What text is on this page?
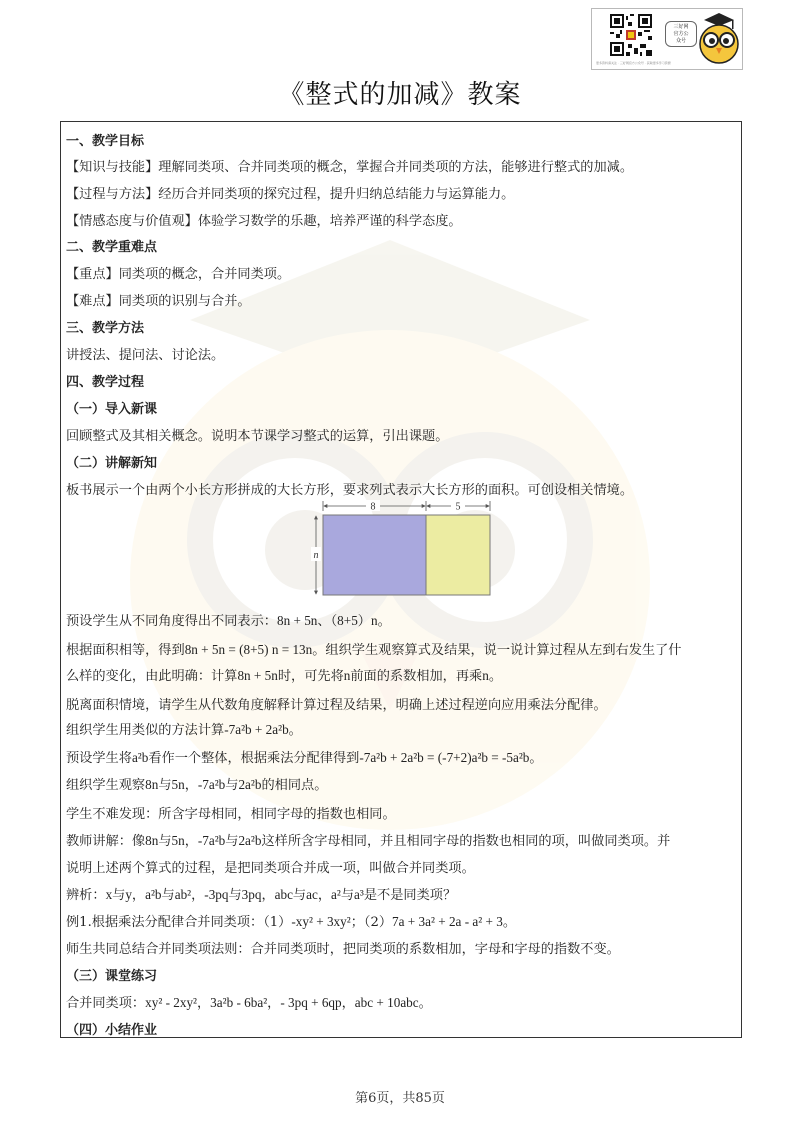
三好网
官方公
众号
更多资料请关注 · 三好网官方公众号 · 获取更多学习资源
《整式的加减》教案
一、教学目标
【知识与技能】理解同类项、合并同类项的概念，掌握合并同类项的方法，能够进行整式的加减。
【过程与方法】经历合并同类项的探究过程，提升归纳总结能力与运算能力。
【情感态度与价值观】体验学习数学的乐趣，培养严谨的科学态度。
二、教学重难点
【重点】同类项的概念，合并同类项。
【难点】同类项的识别与合并。
三、教学方法
讲授法、提问法、讨论法。
四、教学过程
（一）导入新课
回顾整式及其相关概念。说明本节课学习整式的运算，引出课题。
（二）讲解新知
板书展示一个由两个小长方形拼成的大长方形，要求列式表示大长方形的面积。可创设相关情境。
8	5
n
预设学生从不同角度得出不同表示：8n + 5n、（8+5）n。
根据面积相等，得到8n + 5n = (8+5) n = 13n。组织学生观察算式及结果，说一说计算过程从左到右发生了什
么样的变化，由此明确：计算8n + 5n时，可先将n前面的系数相加，再乘n。
脱离面积情境，请学生从代数角度解释计算过程及结果，明确上述过程逆向应用乘法分配律。
组织学生用类似的方法计算-7a²b + 2a²b。
预设学生将a²b看作一个整体，根据乘法分配律得到-7a²b + 2a²b = (-7+2)a²b = -5a²b。
组织学生观察8n与5n，-7a²b与2a²b的相同点。
学生不难发现：所含字母相同，相同字母的指数也相同。
教师讲解：像8n与5n，-7a²b与2a²b这样所含字母相同，并且相同字母的指数也相同的项，叫做同类项。并
说明上述两个算式的过程，是把同类项合并成一项，叫做合并同类项。
辨析：x与y，a²b与ab²，-3pq与3pq，abc与ac，a²与a³是不是同类项？
例1.根据乘法分配律合并同类项：（1）-xy² + 3xy²；（2）7a + 3a² + 2a - a² + 3。
师生共同总结合并同类项法则：合并同类项时，把同类项的系数相加，字母和字母的指数不变。
（三）课堂练习
合并同类项：xy² - 2xy²，3a²b - 6ba²，- 3pq + 6qp，abc + 10abc。
（四）小结作业
第6页，共85页
